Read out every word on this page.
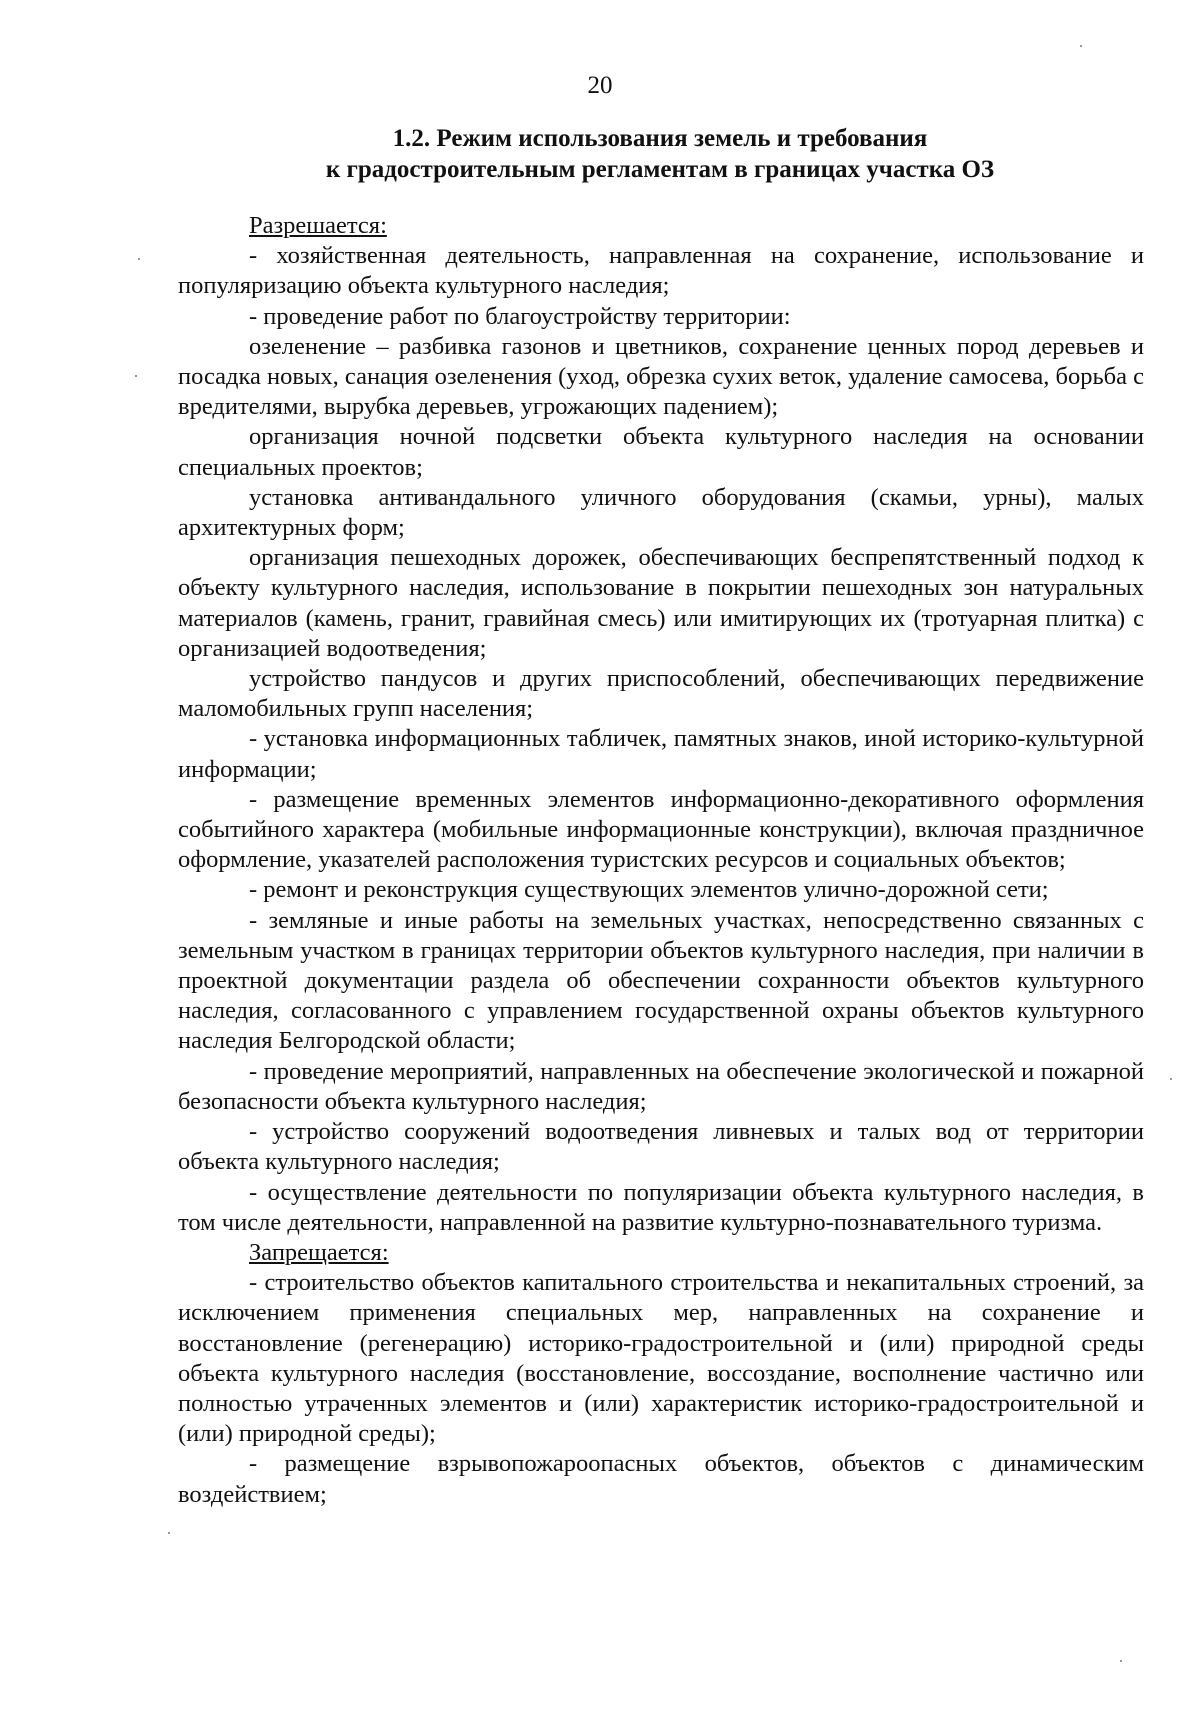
20
1.2. Режим использования земель и требования
к градостроительным регламентам в границах участка ОЗ

Разрешается:

- хозяйственная деятельность, направленная на сохранение, использование и популяризацию объекта культурного наследия;

- проведение работ по благоустройству территории:

озеленение – разбивка газонов и цветников, сохранение ценных пород деревьев и посадка новых, санация озеленения (уход, обрезка сухих веток, удаление самосева, борьба с вредителями, вырубка деревьев, угрожающих падением);

организация ночной подсветки объекта культурного наследия на основании специальных проектов;

установка антивандального уличного оборудования (скамьи, урны), малых архитектурных форм;

организация пешеходных дорожек, обеспечивающих беспрепятственный подход к объекту культурного наследия, использование в покрытии пешеходных зон натуральных материалов (камень, гранит, гравийная смесь) или имитирующих их (тротуарная плитка) с организацией водоотведения;

устройство пандусов и других приспособлений, обеспечивающих передвижение маломобильных групп населения;

- установка информационных табличек, памятных знаков, иной историко-культурной информации;

- размещение временных элементов информационно-декоративного оформления событийного характера (мобильные информационные конструкции), включая праздничное оформление, указателей расположения туристских ресурсов и социальных объектов;

- ремонт и реконструкция существующих элементов улично-дорожной сети;

- земляные и иные работы на земельных участках, непосредственно связанных с земельным участком в границах территории объектов культурного наследия, при наличии в проектной документации раздела об обеспечении сохранности объектов культурного наследия, согласованного с управлением государственной охраны объектов культурного наследия Белгородской области;

- проведение мероприятий, направленных на обеспечение экологической и пожарной безопасности объекта культурного наследия;

- устройство сооружений водоотведения ливневых и талых вод от территории объекта культурного наследия;

- осуществление деятельности по популяризации объекта культурного наследия, в том числе деятельности, направленной на развитие культурно-познавательного туризма.

Запрещается:

- строительство объектов капитального строительства и некапитальных строений, за исключением применения специальных мер, направленных на сохранение и восстановление (регенерацию) историко-градостроительной и (или) природной среды объекта культурного наследия (восстановление, воссоздание, восполнение частично или полностью утраченных элементов и (или) характеристик историко-градостроительной и (или) природной среды);

- размещение взрывопожароопасных объектов, объектов с динамическим воздействием;
